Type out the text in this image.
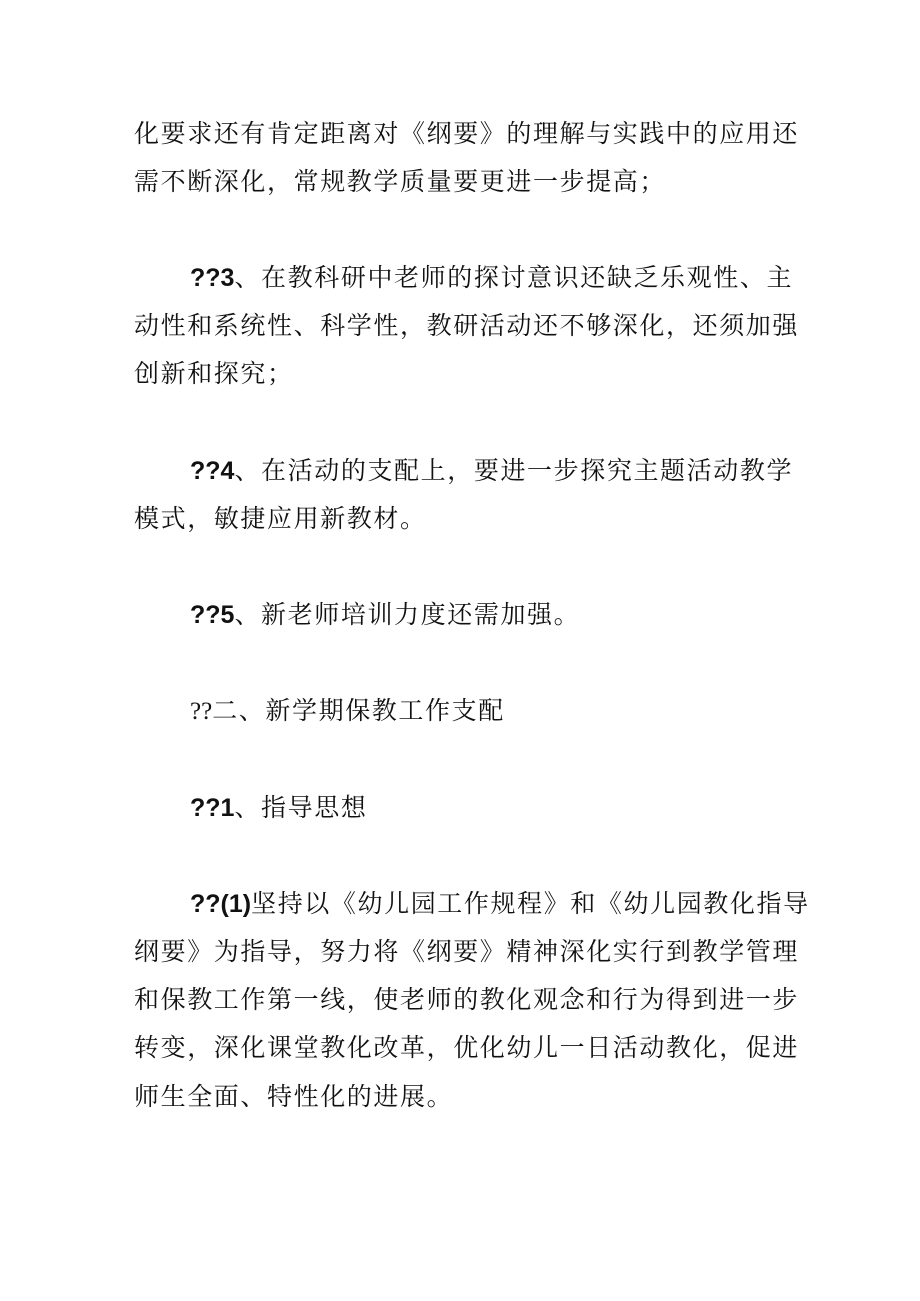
化要求还有肯定距离对《纲要》的理解与实践中的应用还
需不断深化，常规教学质量要更进一步提高；
??3、在教科研中老师的探讨意识还缺乏乐观性、主
动性和系统性、科学性，教研活动还不够深化，还须加强
创新和探究；
??4、在活动的支配上，要进一步探究主题活动教学
模式，敏捷应用新教材。
??5、新老师培训力度还需加强。
??二、新学期保教工作支配
??1、指导思想
??(1)坚持以《幼儿园工作规程》和《幼儿园教化指导
纲要》为指导，努力将《纲要》精神深化实行到教学管理
和保教工作第一线，使老师的教化观念和行为得到进一步
转变，深化课堂教化改革，优化幼儿一日活动教化，促进
师生全面、特性化的进展。
